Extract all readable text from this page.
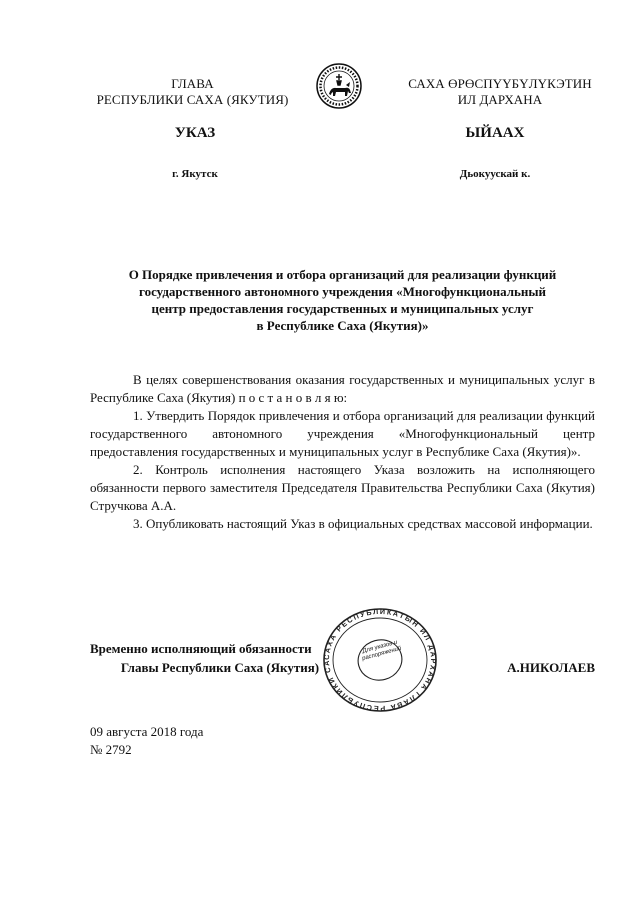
ГЛАВА
РЕСПУБЛИКИ САХА (ЯКУТИЯ)
САХА ӨРӨСПҮҮБҮЛҮКЭТИН
ИЛ ДАРХАНА
УКАЗ	ЫЙААХ
г. Якутск	Дьокуускай к.
О Порядке привлечения и отбора организаций для реализации функций
государственного автономного учреждения «Многофункциональный
центр предоставления государственных и муниципальных услуг
в Республике Саха (Якутия)»

В целях совершенствования оказания государственных и муниципальных услуг в Республике Саха (Якутия) п о с т а н о в л я ю:

1. Утвердить Порядок привлечения и отбора организаций для реализации функций государственного автономного учреждения «Многофункциональный центр предоставления государственных и муниципальных услуг в Республике Саха (Якутия)».

2. Контроль исполнения настоящего Указа возложить на исполняющего обязанности первого заместителя Председателя Правительства Республики Саха (Якутия) Стручкова А.А.

3. Опубликовать настоящий Указ в официальных средствах массовой информации.

Временно исполняющий обязанности
Главы Республики Саха (Якутия)
САХА РЕСПУБЛИКАТЫН ИЛ ДАРХАНА ГЛАВА РЕСПУБЛИКИ СА
Для указов и распоряжений
А.НИКОЛАЕВ
09 августа 2018 года
№ 2792
